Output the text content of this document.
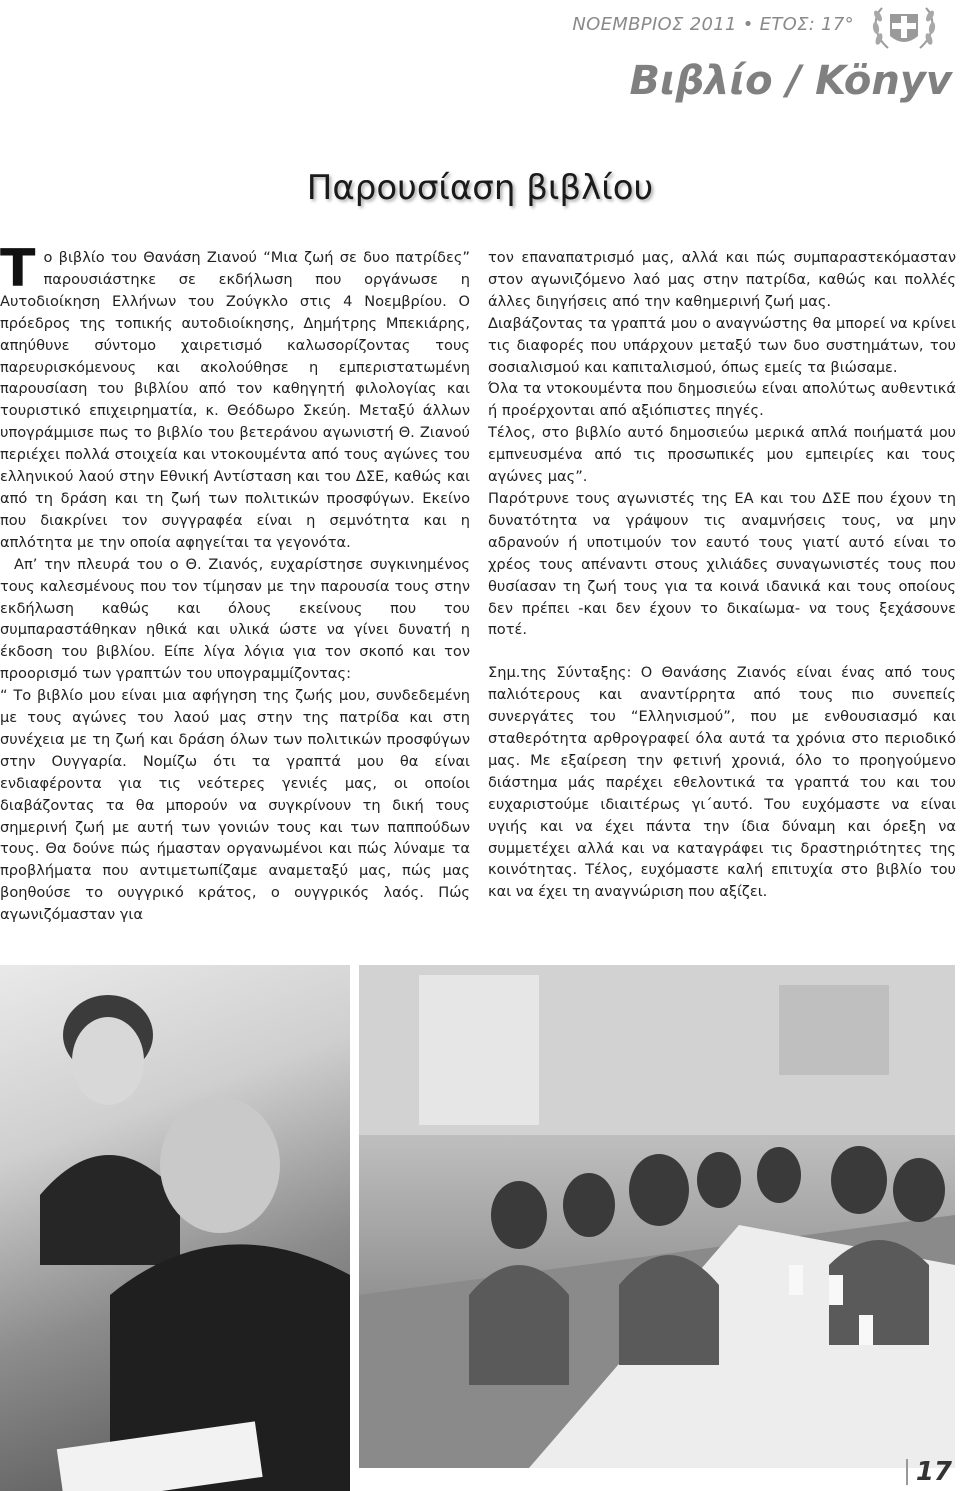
ΝΟΕΜΒΡΙΟΣ 2011 • ΕΤΟΣ: 17°
Βιβλίο / Könyv
Παρουσίαση βιβλίου

Το βιβλίο του Θανάση Ζιανού “Μια ζωή σε δυο πατρίδες” παρουσιάστηκε σε εκδήλωση που οργάνωσε η Αυτοδιοίκηση Ελλήνων του Ζούγκλο στις 4 Νοεμβρίου. Ο πρόεδρος της τοπικής αυτοδιοίκησης, Δημήτρης Μπεκιάρης, απηύθυνε σύντομο χαιρετισμό καλωσορίζοντας τους παρευρισκόμενους και ακολούθησε η εμπεριστατωμένη παρουσίαση του βιβλίου από τον καθηγητή φιλολογίας και τουριστικό επιχειρηματία, κ. Θεόδωρο Σκεύη. Μεταξύ άλλων υπογράμμισε πως το βιβλίο του βετεράνου αγωνιστή Θ. Ζιανού περιέχει πολλά στοιχεία και ντοκουμέντα από τους αγώνες του ελληνικού λαού στην Εθνική Αντίσταση και του ΔΣΕ, καθώς και από τη δράση και τη ζωή των πολιτικών προσφύγων. Εκείνο που διακρίνει τον συγγραφέα είναι η σεμνότητα και η απλότητα με την οποία αφηγείται τα γεγονότα.

Απ’ την πλευρά του ο Θ. Ζιανός, ευχαρίστησε συγκινημένος τους καλεσμένους που τον τίμησαν με την παρουσία τους στην εκδήλωση καθώς και όλους εκείνους που του συμπαραστάθηκαν ηθικά και υλικά ώστε να γίνει δυνατή η έκδοση του βιβλίου. Είπε λίγα λόγια για τον σκοπό και τον προορισμό των γραπτών του υπογραμμίζοντας:

“ Το βιβλίο μου είναι μια αφήγηση της ζωής μου, συνδεδεμένη με τους αγώνες του λαού μας στην της πατρίδα και στη συνέχεια με τη ζωή και δράση όλων των πολιτικών προσφύγων στην Ουγγαρία. Νομίζω ότι τα γραπτά μου θα είναι ενδιαφέροντα για τις νεότερες γενιές μας, οι οποίοι διαβάζοντας τα θα μπορούν να συγκρίνουν τη δική τους σημερινή ζωή με αυτή των γονιών τους και των παππούδων τους. Θα δούνε πώς ήμασταν οργανωμένοι και πώς λύναμε τα προβλήματα που αντιμετωπίζαμε αναμεταξύ μας, πώς μας βοηθούσε το ουγγρικό κράτος, ο ουγγρικός λαός. Πώς αγωνιζόμασταν για

τον επαναπατρισμό μας, αλλά και πώς συμπαραστεκόμασταν στον αγωνιζόμενο λαό μας στην πατρίδα, καθώς και πολλές άλλες διηγήσεις από την καθημερινή ζωή μας.

Διαβάζοντας τα γραπτά μου ο αναγνώστης θα μπορεί να κρίνει τις διαφορές που υπάρχουν μεταξύ των δυο συστημάτων, του σοσιαλισμού και καπιταλισμού, όπως εμείς τα βιώσαμε.

Όλα τα ντοκουμέντα που δημοσιεύω είναι απολύτως αυθεντικά ή προέρχονται από αξιόπιστες πηγές.

Τέλος, στο βιβλίο αυτό δημοσιεύω μερικά απλά ποιήματά μου εμπνευσμένα από τις προσωπικές μου εμπειρίες και τους αγώνες μας”.

Παρότρυνε τους αγωνιστές της ΕΑ και του ΔΣΕ που έχουν τη δυνατότητα να γράψουν τις αναμνήσεις τους, να μην αδρανούν ή υποτιμούν τον εαυτό τους γιατί αυτό είναι το χρέος τους απέναντι στους χιλιάδες συναγωνιστές τους που θυσίασαν τη ζωή τους για τα κοινά ιδανικά και τους οποίους δεν πρέπει -και δεν έχουν το δικαίωμα- να τους ξεχάσουνε ποτέ.

Σημ.της Σύνταξης: Ο Θανάσης Ζιανός είναι ένας από τους παλιότερους και αναντίρρητα από τους πιο συνεπείς συνεργάτες του “Ελληνισμού”, που με ενθουσιασμό και σταθερότητα αρθρογραφεί όλα αυτά τα χρόνια στο περιοδικό μας. Με εξαίρεση την φετινή χρονιά, όλο το προηγούμενο διάστημα μάς παρέχει εθελοντικά τα γραπτά του και του ευχαριστούμε ιδιαιτέρως γι΄αυτό. Του ευχόμαστε να είναι υγιής και να έχει πάντα την ίδια δύναμη και όρεξη να συμμετέχει αλλά και να καταγράφει τις δραστηριότητες της κοινότητας. Τέλος, ευχόμαστε καλή επιτυχία στο βιβλίο του και να έχει τη αναγνώριση που αξίζει.

17
